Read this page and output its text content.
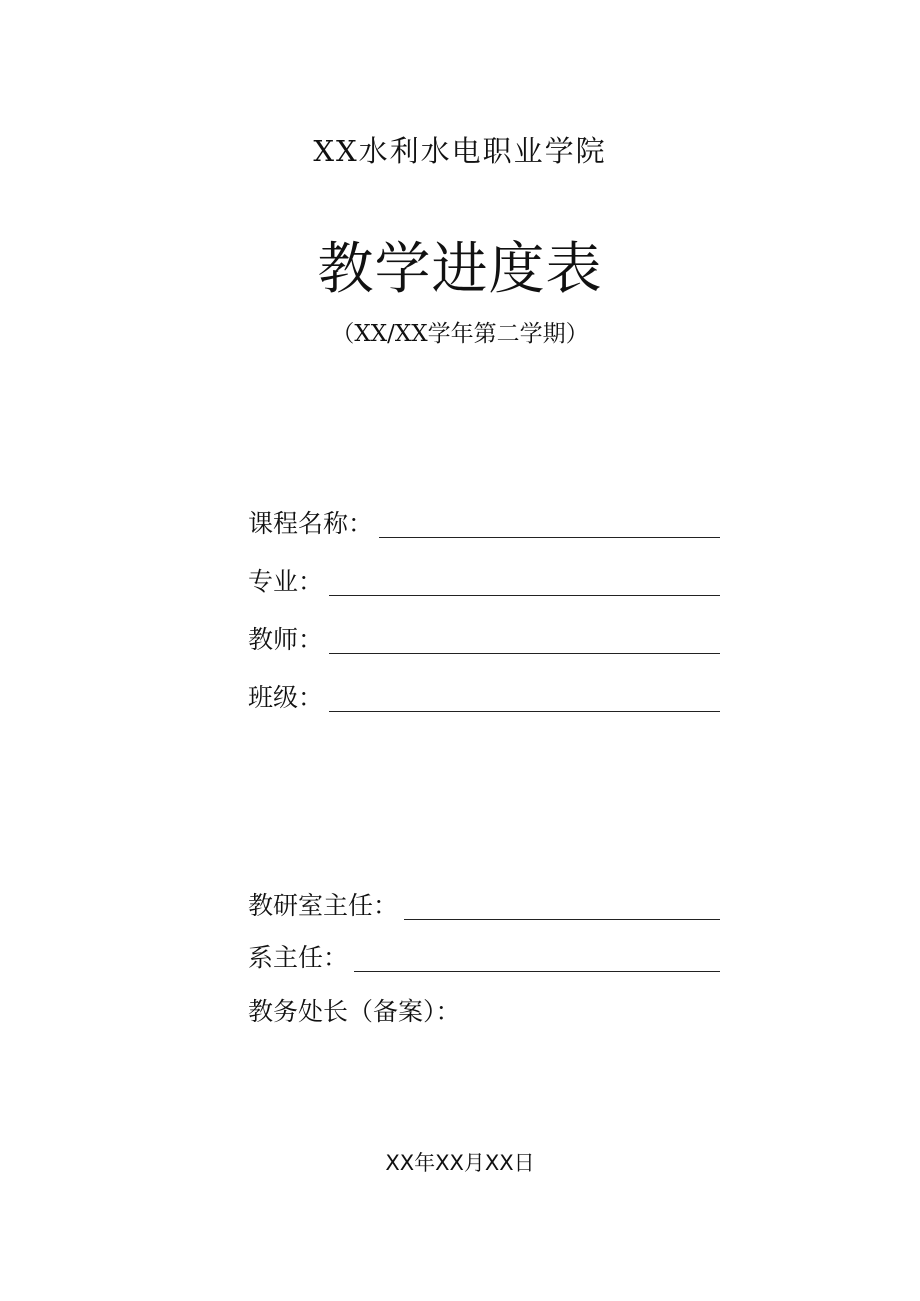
XX水利水电职业学院
教学进度表
（XX/XX学年第二学期）
课程名称：
专业：
教师：
班级：
教研室主任：
系主任：
教务处长（备案）：
XX年XX月XX日
